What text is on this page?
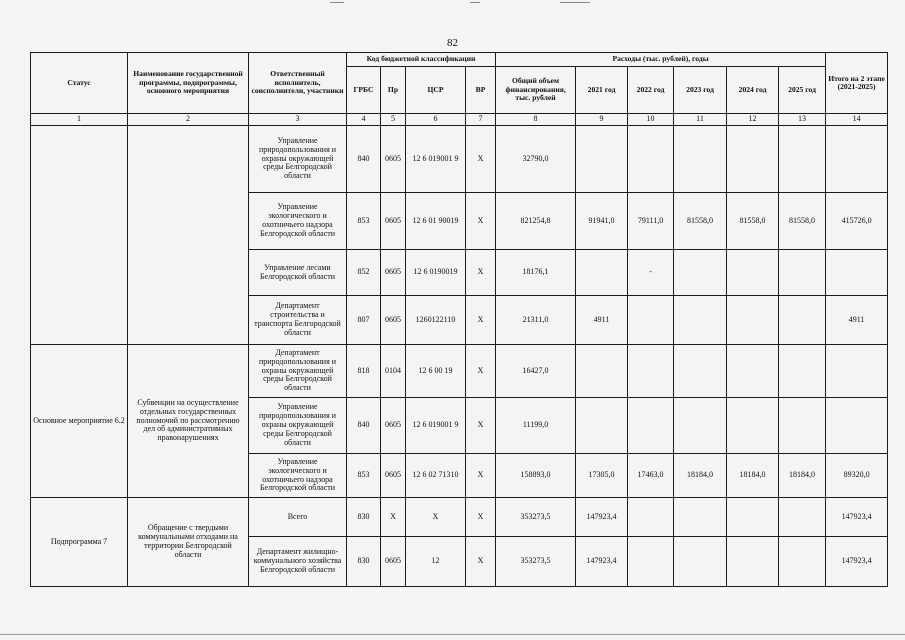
82
Статус	Наименование государственной программы, подпрограммы, основного мероприятия	Ответственный исполнитель, соисполнители, участники	Код бюджетной классификации				Расходы (тыс. рублей), годы						Итого на 2 этапе (2021-2025)
			ГРБС	Пр	ЦСР	ВР	Общий объем финансирования, тыс. рублей	2021 год	2022 год	2023 год	2024 год	2025 год	
1	2	3	4	5	6	7	8	9	10	11	12	13	14
		Управление природопользования и охраны окружающей среды Белгородской области	840	0605	12 6 019001 9	Х	32790,0						
		Управление экологического и охотничьего надзора Белгородской области	853	0605	12 6 01 90019	Х	821254,8	91941,0	79111,0	81558,0	81558,0	81558,0	415726,0
		Управление лесами Белгородской области	852	0605	12 6 0190019	Х	18176,1		-				
		Департамент строительства и транспорта Белгородской области	807	0605	1260122110	Х	21311,0	4911					4911
Основное мероприятие 6.2	Субвенции на осуществление отдельных государственных полномочий по рассмотрению дел об административных правонарушениях	Департамент природопользования и охраны окружающей среды Белгородской области	818	0104	12 6 00 19	Х	16427,0						
		Управление природопользования и охраны окружающей среды Белгородской области	840	0605	12 6 019001 9	Х	11199,0						
		Управление экологического и охотничьего надзора Белгородской области	853	0605	12 6 02 71310	Х	158893,0	17305,0	17463,0	18184,0	18184,0	18184,0	89320,0
Подпрограмма 7	Обращение с твердыми коммунальными отходами на территории Белгородской области	Всего	830	Х	Х	Х	353273,5	147923,4					147923,4
		Департамент жилищно-коммунального хозяйства Белгородской области	830	0605	12	Х	353273,5	147923,4					147923,4
